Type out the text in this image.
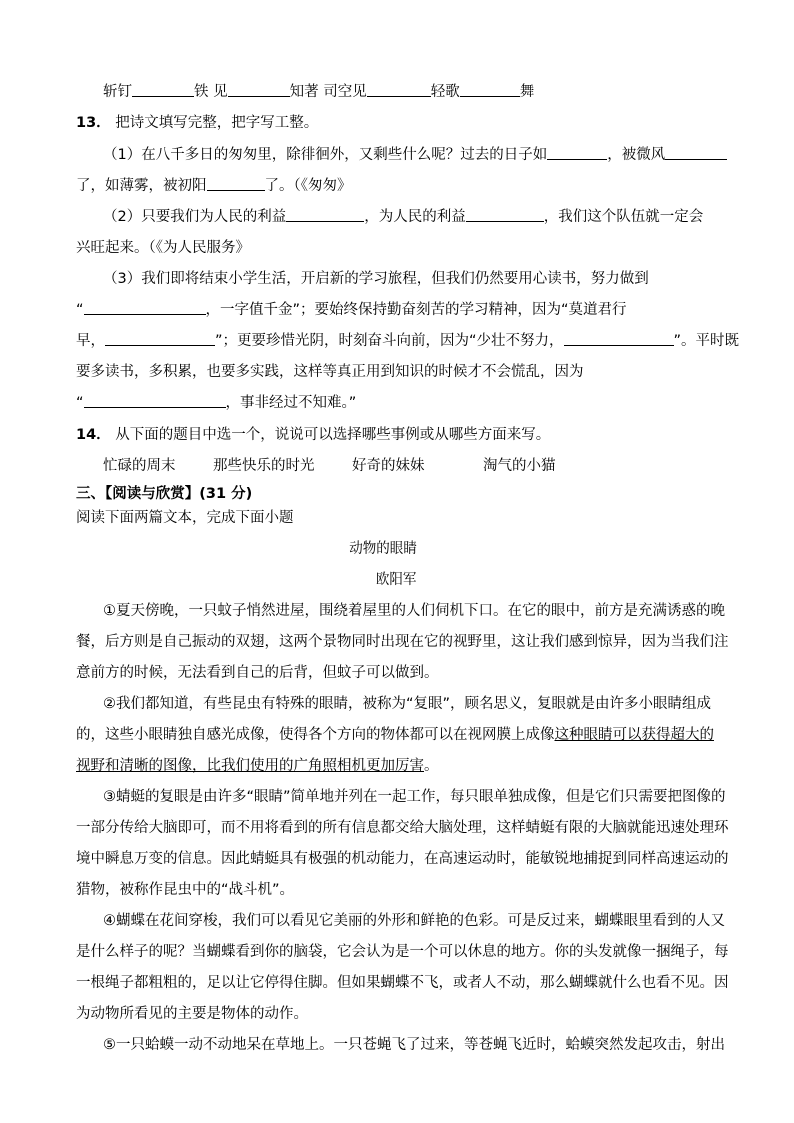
斩钉	铁 见	知著 司空见	轻歌	舞
13． 把诗文填写完整，把字写工整。
（1）在八千多日的匆匆里，除徘徊外，又剩些什么呢？过去的日子如	，被微风
了，如薄雾，被初阳	了。（《匆匆》
（2）只要我们为人民的利益	，为人民的利益	，我们这个队伍就一定会
兴旺起来。（《为人民服务》
（3）我们即将结束小学生活，开启新的学习旅程，但我们仍然要用心读书，努力做到
“	，一字值千金”；要始终保持勤奋刻苦的学习精神，因为“莫道君行
早，	”；更要珍惜光阴，时刻奋斗向前，因为“少壮不努力，	”。平时既
要多读书，多积累，也要多实践，这样等真正用到知识的时候才不会慌乱，因为
“	，事非经过不知难。”
14． 从下面的题目中选一个，说说可以选择哪些事例或从哪些方面来写。
忙碌的周末	那些快乐的时光	好奇的妹妹	淘气的小猫
三、【阅读与欣赏】(31 分)
阅读下面两篇文本，完成下面小题
动物的眼睛
欧阳军
①夏天傍晚，一只蚊子悄然进屋，围绕着屋里的人们伺机下口。在它的眼中，前方是充满诱惑的晚
餐，后方则是自己振动的双翅，这两个景物同时出现在它的视野里，这让我们感到惊异，因为当我们注
意前方的时候，无法看到自己的后背，但蚊子可以做到。
②我们都知道，有些昆虫有特殊的眼睛，被称为“复眼”，顾名思义，复眼就是由许多小眼睛组成
的，这些小眼睛独自感光成像，使得各个方向的物体都可以在视网膜上成像这种眼睛可以获得超大的
视野和清晰的图像，比我们使用的广角照相机更加厉害。
③蜻蜓的复眼是由许多“眼睛”简单地并列在一起工作，每只眼单独成像，但是它们只需要把图像的
一部分传给大脑即可，而不用将看到的所有信息都交给大脑处理，这样蜻蜓有限的大脑就能迅速处理环
境中瞬息万变的信息。因此蜻蜓具有极强的机动能力，在高速运动时，能敏锐地捕捉到同样高速运动的
猎物，被称作昆虫中的“战斗机”。
④蝴蝶在花间穿梭，我们可以看见它美丽的外形和鲜艳的色彩。可是反过来，蝴蝶眼里看到的人又
是什么样子的呢？当蝴蝶看到你的脑袋，它会认为是一个可以休息的地方。你的头发就像一捆绳子，每
一根绳子都粗粗的，足以让它停得住脚。但如果蝴蝶不飞，或者人不动，那么蝴蝶就什么也看不见。因
为动物所看见的主要是物体的动作。
⑤一只蛤蟆一动不动地呆在草地上。一只苍蝇飞了过来，等苍蝇飞近时，蛤蟆突然发起攻击，射出
